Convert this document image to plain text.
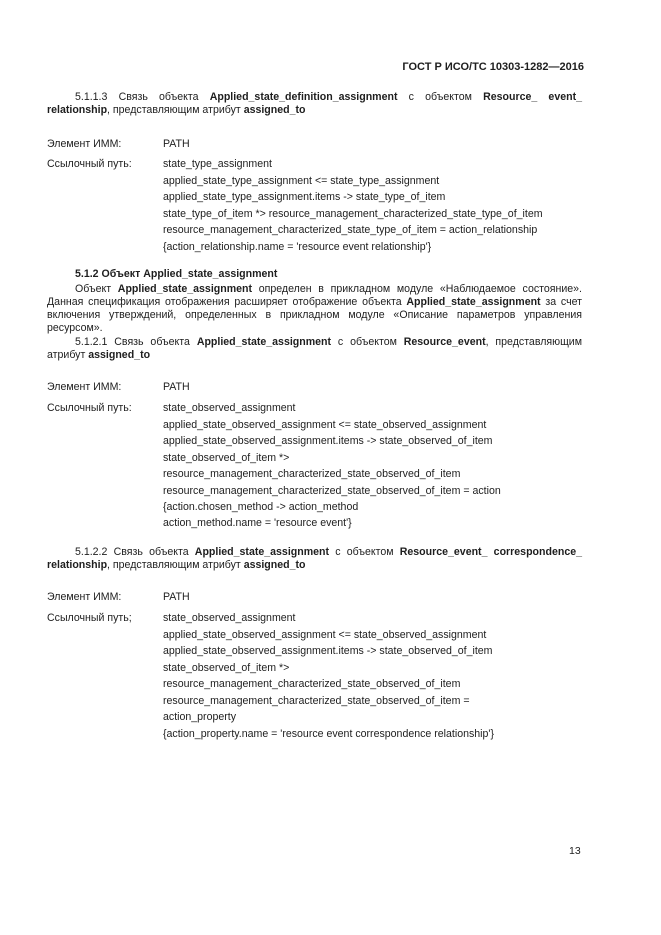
ГОСТ Р ИСО/ТС 10303-1282—2016
5.1.1.3 Связь объекта Applied_state_definition_assignment с объектом Resource_ event_ relationship, представляющим атрибут assigned_to
Элемент ИММ:	PATH
Ссылочный путь:	state_type_assignment
applied_state_type_assignment <= state_type_assignment
applied_state_type_assignment.items -> state_type_of_item
state_type_of_item *> resource_management_characterized_state_type_of_item
resource_management_characterized_state_type_of_item = action_relationship
{action_relationship.name = 'resource event relationship'}
5.1.2 Объект Applied_state_assignment
Объект Applied_state_assignment определен в прикладном модуле «Наблюдаемое состояние». Данная спецификация отображения расширяет отображение объекта Applied_state_assignment за счет включения утверждений, определенных в прикладном модуле «Описание параметров управления ресурсом».
5.1.2.1 Связь объекта Applied_state_assignment с объектом Resource_event, представляющим атрибут assigned_to
Элемент ИММ:	PATH
Ссылочный путь:	state_observed_assignment
applied_state_observed_assignment <= state_observed_assignment
applied_state_observed_assignment.items -> state_observed_of_item
state_observed_of_item *>
resource_management_characterized_state_observed_of_item
resource_management_characterized_state_observed_of_item = action
{action.chosen_method -> action_method
action_method.name = 'resource event'}
5.1.2.2 Связь объекта Applied_state_assignment с объектом Resource_event_ correspondence_ relationship, представляющим атрибут assigned_to
Элемент ИММ:	PATH
Ссылочный путь;	state_observed_assignment
applied_state_observed_assignment <= state_observed_assignment
applied_state_observed_assignment.items -> state_observed_of_item
state_observed_of_item *>
resource_management_characterized_state_observed_of_item
resource_management_characterized_state_observed_of_item =
action_property
{action_property.name = 'resource event correspondence relationship'}
13
